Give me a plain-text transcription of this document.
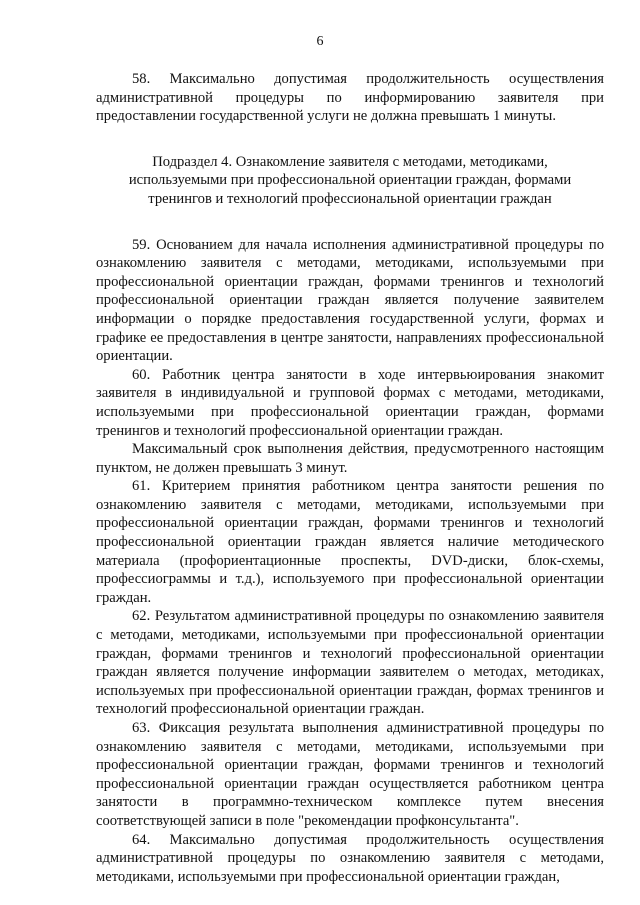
6

58. Максимально допустимая продолжительность осуществления административной процедуры по информированию заявителя при предоставлении государственной услуги не должна превышать 1 минуты.

Подраздел 4. Ознакомление заявителя с методами, методиками, используемыми при профессиональной ориентации граждан, формами тренингов и технологий профессиональной ориентации граждан

59. Основанием для начала исполнения административной процедуры по ознакомлению заявителя с методами, методиками, используемыми при профессиональной ориентации граждан, формами тренингов и технологий профессиональной ориентации граждан является получение заявителем информации о порядке предоставления государственной услуги, формах и графике ее предоставления в центре занятости, направлениях профессиональной ориентации.

60. Работник центра занятости в ходе интервьюирования знакомит заявителя в индивидуальной и групповой формах с методами, методиками, используемыми при профессиональной ориентации граждан, формами тренингов и технологий профессиональной ориентации граждан.

Максимальный срок выполнения действия, предусмотренного настоящим пунктом, не должен превышать 3 минут.

61. Критерием принятия работником центра занятости решения по ознакомлению заявителя с методами, методиками, используемыми при профессиональной ориентации граждан, формами тренингов и технологий профессиональной ориентации граждан является наличие методического материала (профориентационные проспекты, DVD-диски, блок-схемы, профессиограммы и т.д.), используемого при профессиональной ориентации граждан.

62. Результатом административной процедуры по ознакомлению заявителя с методами, методиками, используемыми при профессиональной ориентации граждан, формами тренингов и технологий профессиональной ориентации граждан является получение информации заявителем о методах, методиках, используемых при профессиональной ориентации граждан, формах тренингов и технологий профессиональной ориентации граждан.

63. Фиксация результата выполнения административной процедуры по ознакомлению заявителя с методами, методиками, используемыми при профессиональной ориентации граждан, формами тренингов и технологий профессиональной ориентации граждан осуществляется работником центра занятости в программно-техническом комплексе путем внесения соответствующей записи в поле "рекомендации профконсультанта".

64. Максимально допустимая продолжительность осуществления административной процедуры по ознакомлению заявителя с методами, методиками, используемыми при профессиональной ориентации граждан,
